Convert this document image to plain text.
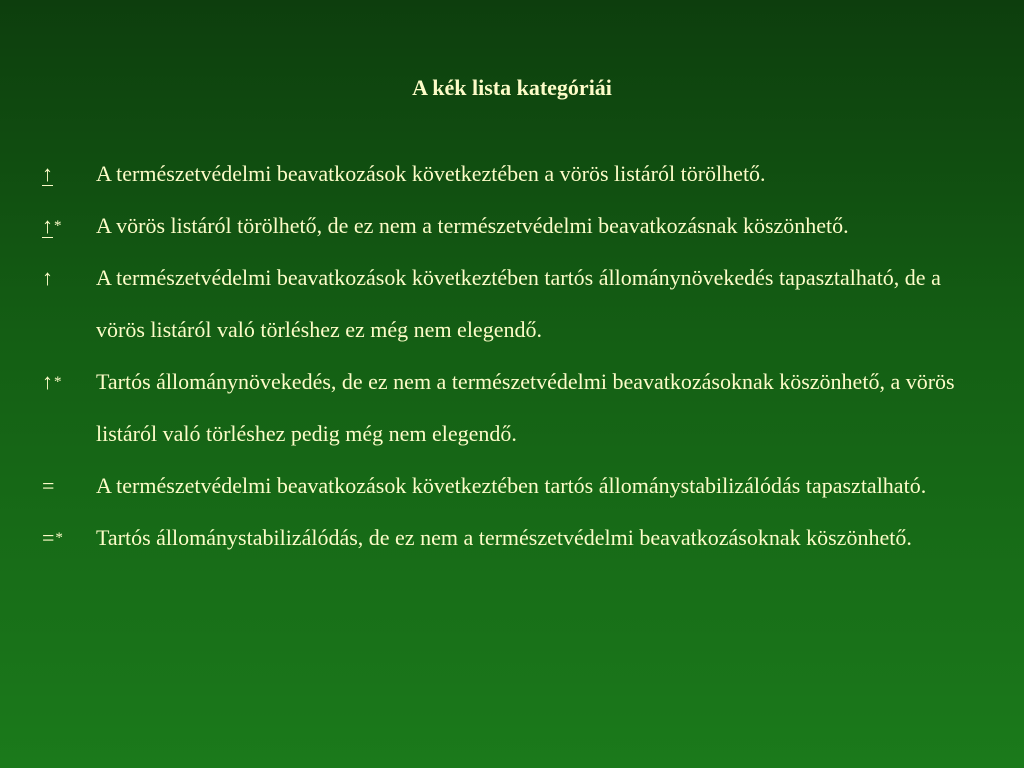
A kék lista kategóriái
↑	A természetvédelmi beavatkozások következtében a vörös listáról törölhető.
↑*	A vörös listáról törölhető, de ez nem a természetvédelmi beavatkozásnak köszönhető.
↑	A természetvédelmi beavatkozások következtében tartós állománynövekedés tapasztalható, de a vörös listáról való törléshez ez még nem elegendő.
↑*	Tartós állománynövekedés, de ez nem a természetvédelmi beavatkozásoknak köszönhető, a vörös listáról való törléshez pedig még nem elegendő.
=	A természetvédelmi beavatkozások következtében tartós állománystabilizálódás tapasztalható.
=*	Tartós állománystabilizálódás, de ez nem a természetvédelmi beavatkozásoknak köszönhető.
